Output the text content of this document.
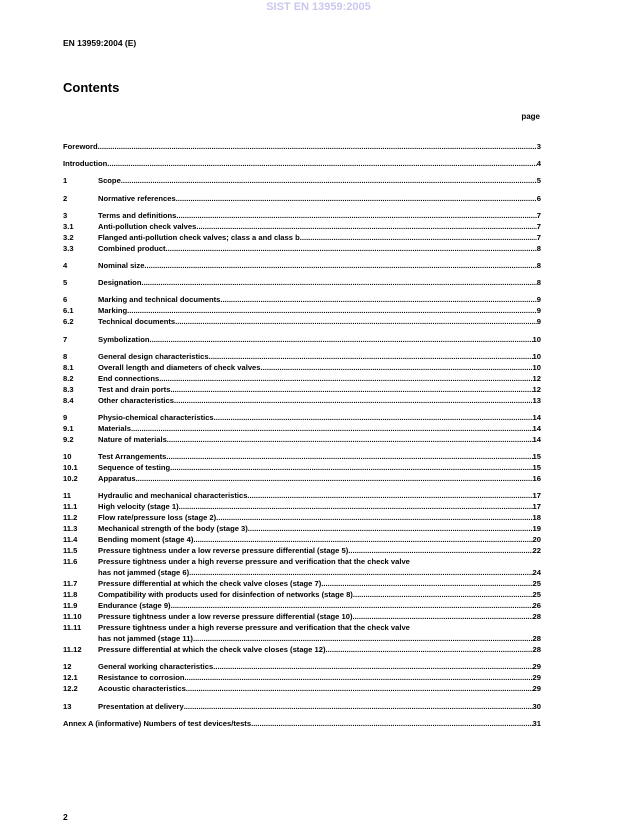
SIST EN 13959:2005
EN 13959:2004 (E)
Contents
page
Foreword .....	3
Introduction .....	4
1	Scope .....	5
2	Normative references .....	6
3	Terms and definitions .....	7
3.1	Anti-pollution check valves .....	7
3.2	Flanged anti-pollution check valves; class a and class b .....	7
3.3	Combined product .....	8
4	Nominal size .....	8
5	Designation .....	8
6	Marking and technical documents .....	9
6.1	Marking .....	9
6.2	Technical documents .....	9
7	Symbolization .....	10
8	General design characteristics .....	10
8.1	Overall length and diameters of check valves .....	10
8.2	End connections .....	12
8.3	Test and drain ports .....	12
8.4	Other characteristics .....	13
9	Physio-chemical characteristics .....	14
9.1	Materials .....	14
9.2	Nature of materials .....	14
10	Test Arrangements .....	15
10.1	Sequence of testing .....	15
10.2	Apparatus .....	16
11	Hydraulic and mechanical characteristics .....	17
11.1	High velocity (stage 1) .....	17
11.2	Flow rate/pressure loss (stage 2) .....	18
11.3	Mechanical strength of the body (stage 3) .....	19
11.4	Bending moment (stage 4) .....	20
11.5	Pressure tightness under a low reverse pressure differential (stage 5) .....	22
11.6	Pressure tightness under a high reverse pressure and verification that the check valve
has not jammed (stage 6) .....	24
11.7	Pressure differential at which the check valve closes (stage 7) .....	25
11.8	Compatibility with products used for disinfection of networks (stage 8) .....	25
11.9	Endurance (stage 9) .....	26
11.10	Pressure tightness under a low reverse pressure differential (stage 10) .....	28
11.11	Pressure tightness under a high reverse pressure and verification that the check valve
has not jammed (stage 11) .....	28
11.12	Pressure differential at which the check valve closes (stage 12) .....	28
12	General working characteristics .....	29
12.1	Resistance to corrosion .....	29
12.2	Acoustic characteristics .....	29
13	Presentation at delivery .....	30
Annex A (informative) Numbers of test devices/tests .....	31
2
